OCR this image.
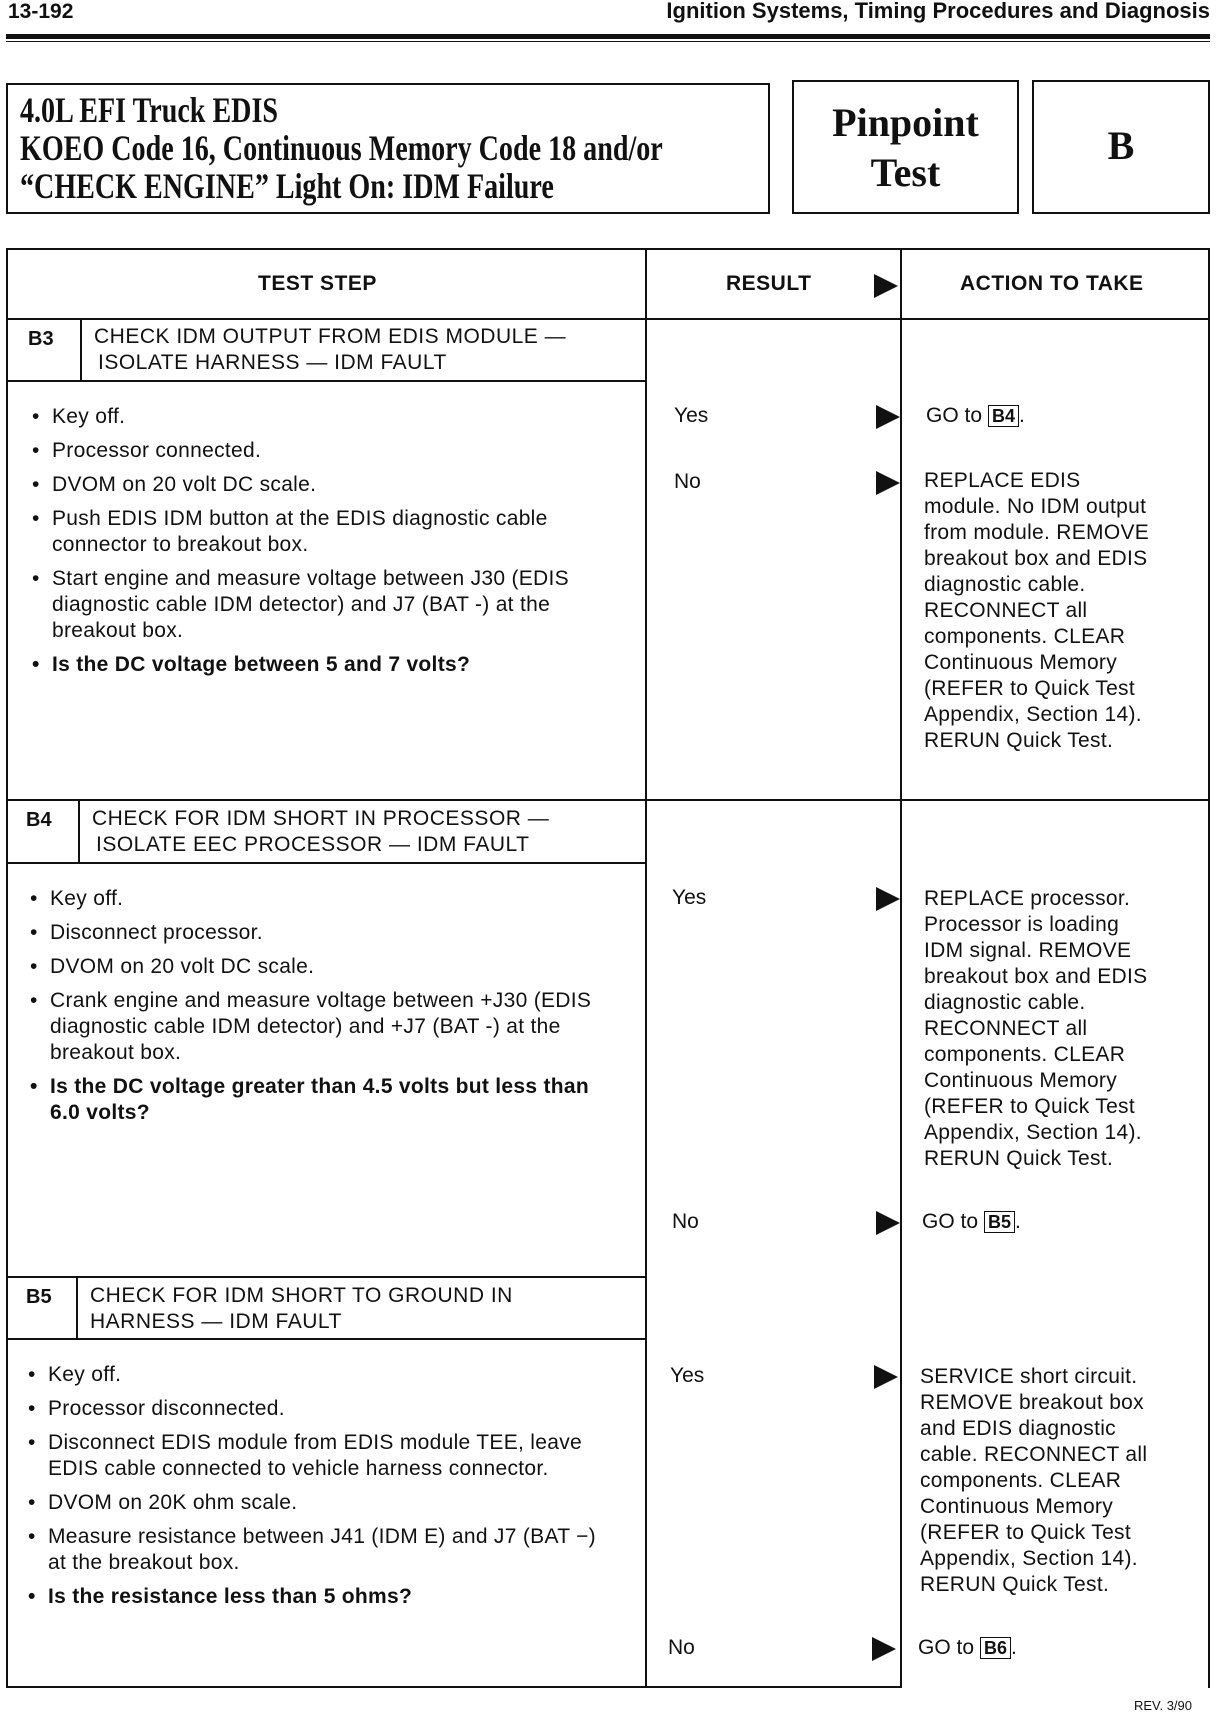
13-192	Ignition Systems, Timing Procedures and Diagnosis
4.0L EFI Truck EDIS
KOEO Code 16, Continuous Memory Code 18 and/or
“CHECK ENGINE” Light On: IDM Failure
Pinpoint
Test
B
TEST STEP	RESULT	ACTION TO TAKE
B3 CHECK IDM OUTPUT FROM EDIS MODULE —
ISOLATE HARNESS — IDM FAULT
• Key off.
• Processor connected.
• DVOM on 20 volt DC scale.
• Push EDIS IDM button at the EDIS diagnostic cable connector to breakout box.
• Start engine and measure voltage between J30 (EDIS diagnostic cable IDM detector) and J7 (BAT -) at the breakout box.
• Is the DC voltage between 5 and 7 volts?
Yes	GO to B4 .
No	REPLACE EDIS
module. No IDM output
from module. REMOVE
breakout box and EDIS
diagnostic cable.
RECONNECT all
components. CLEAR
Continuous Memory
(REFER to Quick Test
Appendix, Section 14).
RERUN Quick Test.
B4 CHECK FOR IDM SHORT IN PROCESSOR —
ISOLATE EEC PROCESSOR — IDM FAULT
• Key off.
• Disconnect processor.
• DVOM on 20 volt DC scale.
• Crank engine and measure voltage between +J30 (EDIS diagnostic cable IDM detector) and +J7 (BAT -) at the breakout box.
• Is the DC voltage greater than 4.5 volts but less than 6.0 volts?
Yes	REPLACE processor.
Processor is loading
IDM signal. REMOVE
breakout box and EDIS
diagnostic cable.
RECONNECT all
components. CLEAR
Continuous Memory
(REFER to Quick Test
Appendix, Section 14).
RERUN Quick Test.
No	GO to B5 .
B5 CHECK FOR IDM SHORT TO GROUND IN
HARNESS — IDM FAULT
• Key off.
• Processor disconnected.
• Disconnect EDIS module from EDIS module TEE, leave EDIS cable connected to vehicle harness connector.
• DVOM on 20K ohm scale.
• Measure resistance between J41 (IDM E) and J7 (BAT −) at the breakout box.
• Is the resistance less than 5 ohms?
Yes	SERVICE short circuit.
REMOVE breakout box
and EDIS diagnostic
cable. RECONNECT all
components. CLEAR
Continuous Memory
(REFER to Quick Test
Appendix, Section 14).
RERUN Quick Test.
No	GO to B6 .
REV. 3/90
